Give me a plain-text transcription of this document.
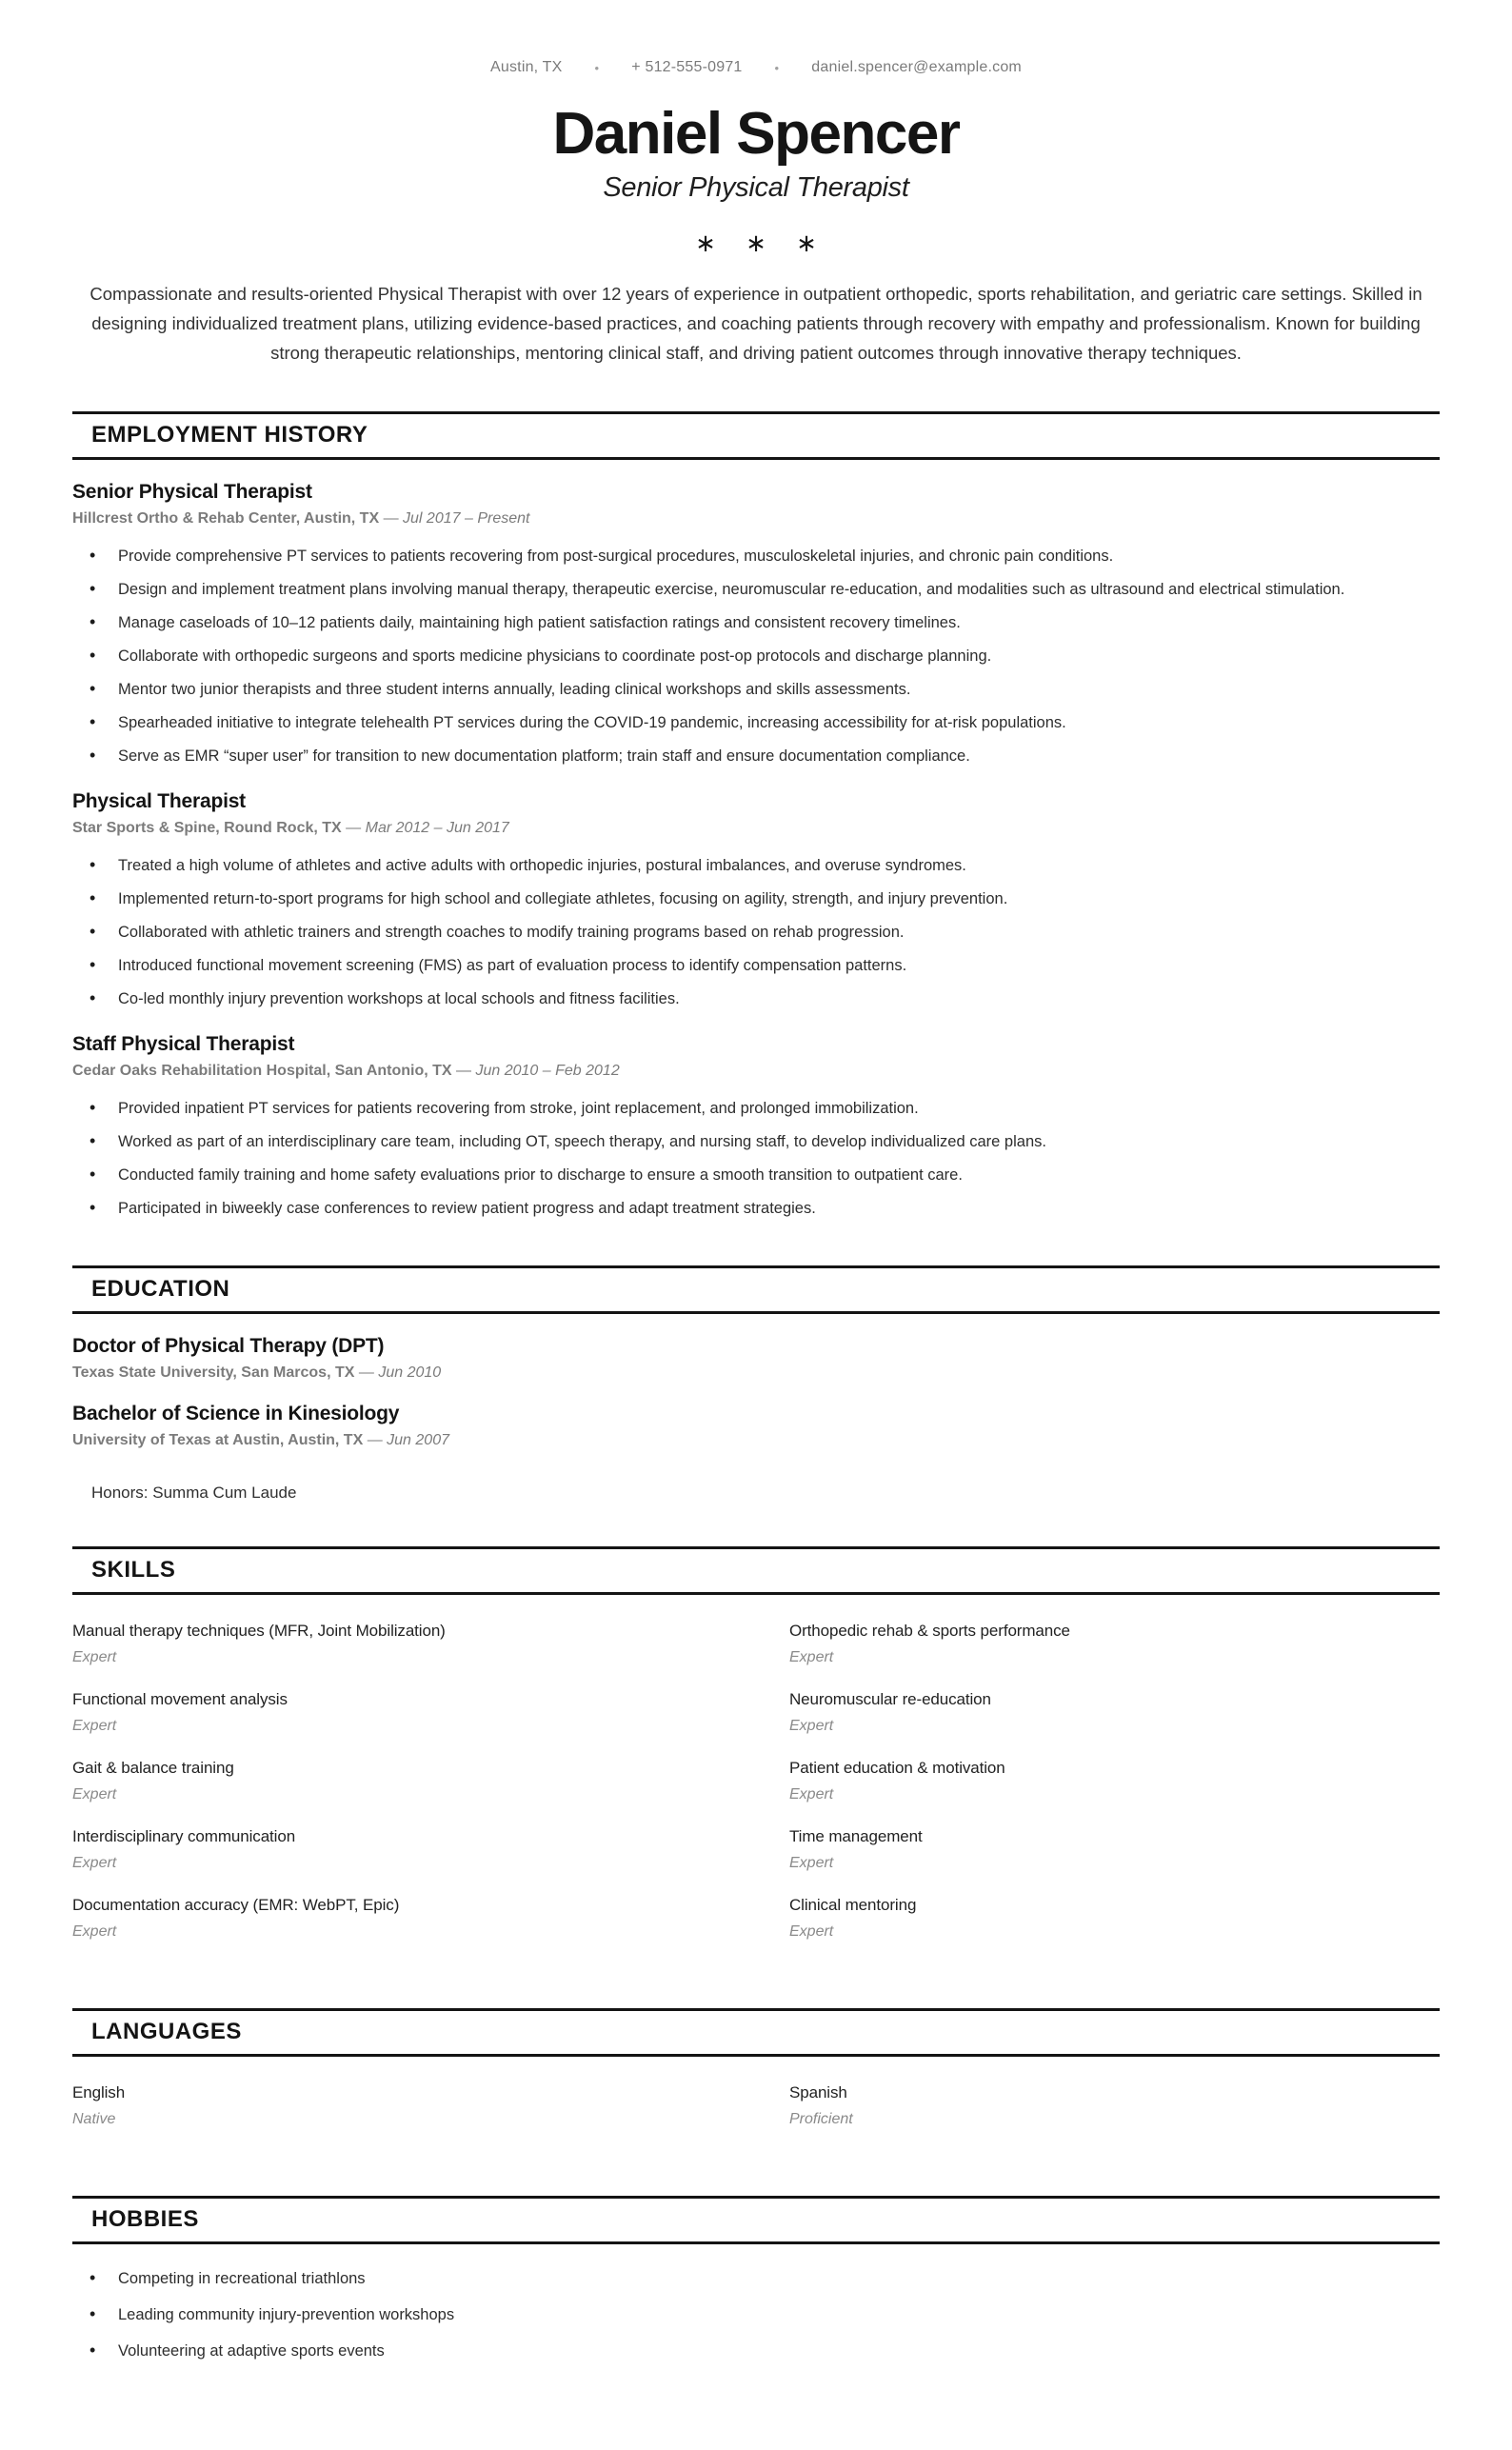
Austin, TX	• + 512-555-0971	• daniel.spencer@example.com
Daniel Spencer
Senior Physical Therapist
∗ ∗ ∗

Compassionate and results-oriented Physical Therapist with over 12 years of experience in outpatient orthopedic, sports rehabilitation, and geriatric care settings. Skilled in designing individualized treatment plans, utilizing evidence-based practices, and coaching patients through recovery with empathy and professionalism. Known for building strong therapeutic relationships, mentoring clinical staff, and driving patient outcomes through innovative therapy techniques.

EMPLOYMENT HISTORY
Senior Physical Therapist
Hillcrest Ortho & Rehab Center, Austin, TX — Jul 2017 – Present
• Provide comprehensive PT services to patients recovering from post-surgical procedures, musculoskeletal injuries, and chronic pain conditions.
• Design and implement treatment plans involving manual therapy, therapeutic exercise, neuromuscular re-education, and modalities such as ultrasound and electrical stimulation.
• Manage caseloads of 10–12 patients daily, maintaining high patient satisfaction ratings and consistent recovery timelines.
• Collaborate with orthopedic surgeons and sports medicine physicians to coordinate post-op protocols and discharge planning.
• Mentor two junior therapists and three student interns annually, leading clinical workshops and skills assessments.
• Spearheaded initiative to integrate telehealth PT services during the COVID-19 pandemic, increasing accessibility for at-risk populations.
• Serve as EMR “super user” for transition to new documentation platform; train staff and ensure documentation compliance.
Physical Therapist
Star Sports & Spine, Round Rock, TX — Mar 2012 – Jun 2017
• Treated a high volume of athletes and active adults with orthopedic injuries, postural imbalances, and overuse syndromes.
• Implemented return-to-sport programs for high school and collegiate athletes, focusing on agility, strength, and injury prevention.
• Collaborated with athletic trainers and strength coaches to modify training programs based on rehab progression.
• Introduced functional movement screening (FMS) as part of evaluation process to identify compensation patterns.
• Co-led monthly injury prevention workshops at local schools and fitness facilities.
Staff Physical Therapist
Cedar Oaks Rehabilitation Hospital, San Antonio, TX — Jun 2010 – Feb 2012
• Provided inpatient PT services for patients recovering from stroke, joint replacement, and prolonged immobilization.
• Worked as part of an interdisciplinary care team, including OT, speech therapy, and nursing staff, to develop individualized care plans.
• Conducted family training and home safety evaluations prior to discharge to ensure a smooth transition to outpatient care.
• Participated in biweekly case conferences to review patient progress and adapt treatment strategies.
EDUCATION
Doctor of Physical Therapy (DPT)
Texas State University, San Marcos, TX — Jun 2010
Bachelor of Science in Kinesiology
University of Texas at Austin, Austin, TX — Jun 2007
Honors: Summa Cum Laude
SKILLS
Manual therapy techniques (MFR, Joint Mobilization)
Expert
Orthopedic rehab & sports performance
Expert
Functional movement analysis
Expert
Neuromuscular re-education
Expert
Gait & balance training
Expert
Patient education & motivation
Expert
Interdisciplinary communication
Expert
Time management
Expert
Documentation accuracy (EMR: WebPT, Epic)
Expert
Clinical mentoring
Expert
LANGUAGES
English
Native
Spanish
Proficient
HOBBIES
• Competing in recreational triathlons
• Leading community injury-prevention workshops
• Volunteering at adaptive sports events
